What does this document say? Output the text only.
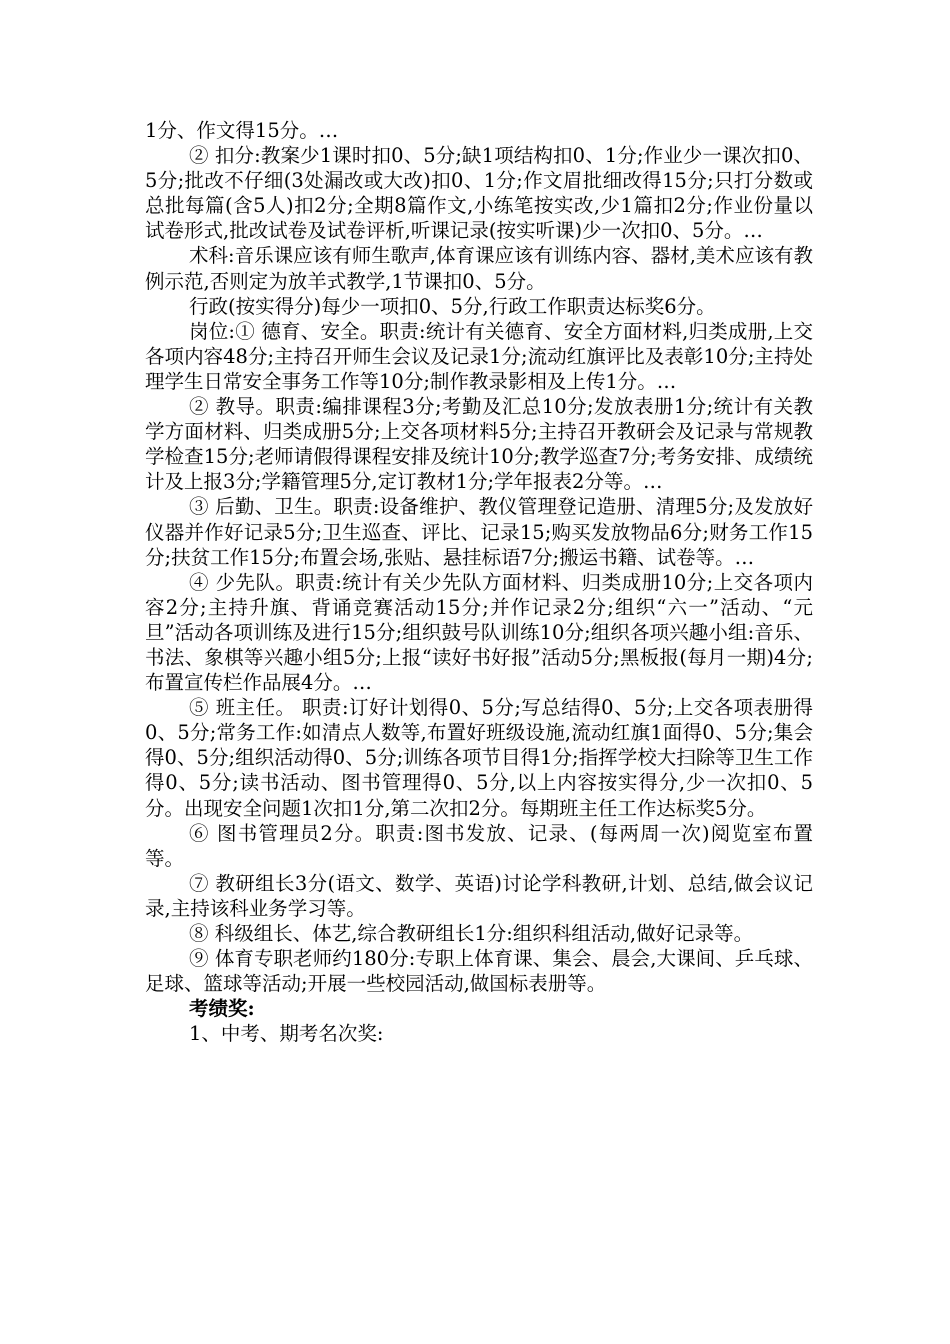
1分、作文得15分。…

② 扣分:教案少1课时扣0、5分;缺1项结构扣0、1分;作业少一课次扣0、5分;批改不仔细(3处漏改或大改)扣0、1分;作文眉批细改得15分;只打分数或总批每篇(含5人)扣2分;全期8篇作文,小练笔按实改,少1篇扣2分;作业份量以试卷形式,批改试卷及试卷评析,听课记录(按实听课)少一次扣0、5分。…

术科:音乐课应该有师生歌声,体育课应该有训练内容、器材,美术应该有教例示范,否则定为放羊式教学,1节课扣0、5分。

行政(按实得分)每少一项扣0、5分,行政工作职责达标奖6分。

岗位:① 德育、安全。职责:统计有关德育、安全方面材料,归类成册,上交各项内容48分;主持召开师生会议及记录1分;流动红旗评比及表彰10分;主持处理学生日常安全事务工作等10分;制作教录影相及上传1分。…

② 教导。职责:编排课程3分;考勤及汇总10分;发放表册1分;统计有关教学方面材料、归类成册5分;上交各项材料5分;主持召开教研会及记录与常规教学检查15分;老师请假得课程安排及统计10分;教学巡查7分;考务安排、成绩统计及上报3分;学籍管理5分,定订教材1分;学年报表2分等。…

③ 后勤、卫生。职责:设备维护、教仪管理登记造册、清理5分;及发放好仪器并作好记录5分;卫生巡查、评比、记录15;购买发放物品6分;财务工作15分;扶贫工作15分;布置会场,张贴、悬挂标语7分;搬运书籍、试卷等。…

④ 少先队。职责:统计有关少先队方面材料、归类成册10分;上交各项内容2分;主持升旗、背诵竞赛活动15分;并作记录2分;组织“六一”活动、“元旦”活动各项训练及进行15分;组织鼓号队训练10分;组织各项兴趣小组:音乐、书法、象棋等兴趣小组5分;上报“读好书好报”活动5分;黑板报(每月一期)4分;布置宣传栏作品展4分。…

⑤ 班主任。 职责:订好计划得0、5分;写总结得0、5分;上交各项表册得0、5分;常务工作:如清点人数等,布置好班级设施,流动红旗1面得0、5分;集会得0、5分;组织活动得0、5分;训练各项节目得1分;指挥学校大扫除等卫生工作得0、5分;读书活动、图书管理得0、5分,以上内容按实得分,少一次扣0、5分。出现安全问题1次扣1分,第二次扣2分。每期班主任工作达标奖5分。

⑥ 图书管理员2分。职责:图书发放、记录、(每两周一次)阅览室布置等。

⑦ 教研组长3分(语文、数学、英语)讨论学科教研,计划、总结,做会议记录,主持该科业务学习等。

⑧ 科级组长、体艺,综合教研组长1分:组织科组活动,做好记录等。

⑨ 体育专职老师约180分:专职上体育课、集会、晨会,大课间、乒乓球、足球、篮球等活动;开展一些校园活动,做国标表册等。

考绩奖:

1、中考、期考名次奖:
